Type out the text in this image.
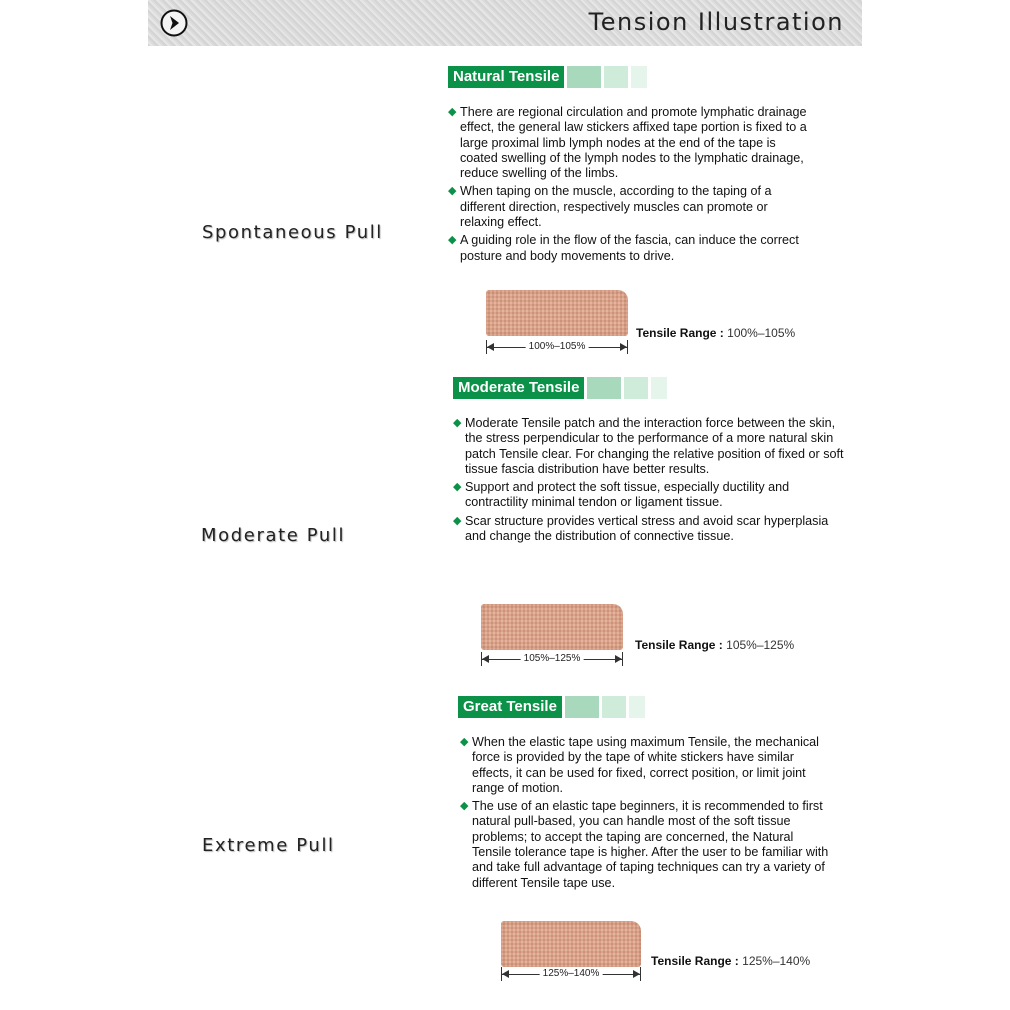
Tension Illustration
Spontaneous Pull
Natural Tensile
◆ There are regional circulation and promote lymphatic drainage effect, the general law stickers affixed tape portion is fixed to a large proximal limb lymph nodes at the end of the tape is coated swelling of the lymph nodes to the lymphatic drainage, reduce swelling of the limbs.
◆ When taping on the muscle, according to the taping of a different direction, respectively muscles can promote or relaxing effect.
◆ A guiding role in the flow of the fascia, can induce the correct posture and body movements to drive.
100%–105%
Tensile Range : 100%–105%
Moderate Pull
Moderate Tensile
◆ Moderate Tensile patch and the interaction force between the skin, the stress perpendicular to the performance of a more natural skin patch Tensile clear. For changing the relative position of fixed or soft tissue fascia distribution have better results.
◆ Support and protect the soft tissue, especially ductility and contractility minimal tendon or ligament tissue.
◆ Scar structure provides vertical stress and avoid scar hyperplasia and change the distribution of connective tissue.
105%–125%
Tensile Range : 105%–125%
Extreme Pull
Great Tensile
◆ When the elastic tape using maximum Tensile, the mechanical force is provided by the tape of white stickers have similar effects, it can be used for fixed, correct position, or limit joint range of motion.
◆ The use of an elastic tape beginners, it is recommended to first natural pull-based, you can handle most of the soft tissue problems; to accept the taping are concerned, the Natural Tensile tolerance tape is higher. After the user to be familiar with and take full advantage of taping techniques can try a variety of different Tensile tape use.
125%–140%
Tensile Range : 125%–140%
